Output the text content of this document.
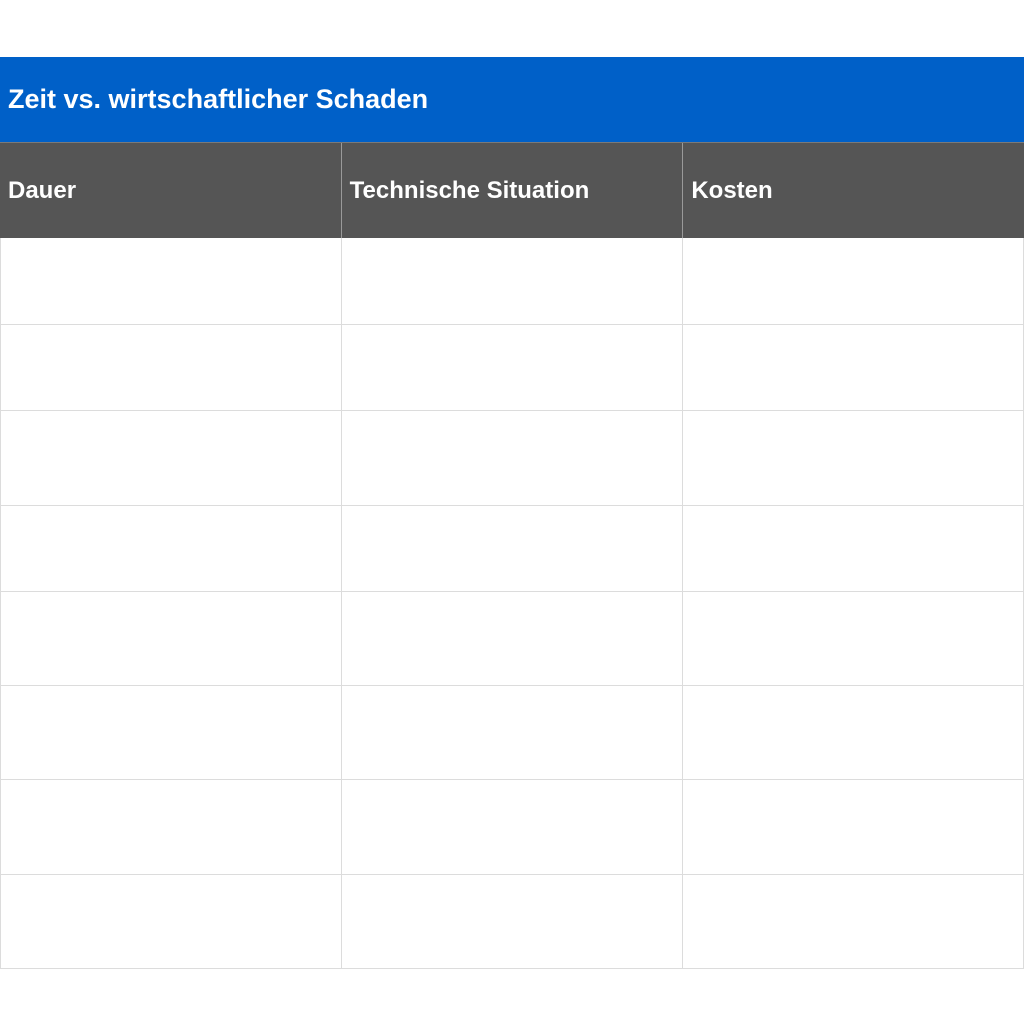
Zeit vs. wirtschaftlicher Schaden
Dauer	Technische Situation	Kosten
